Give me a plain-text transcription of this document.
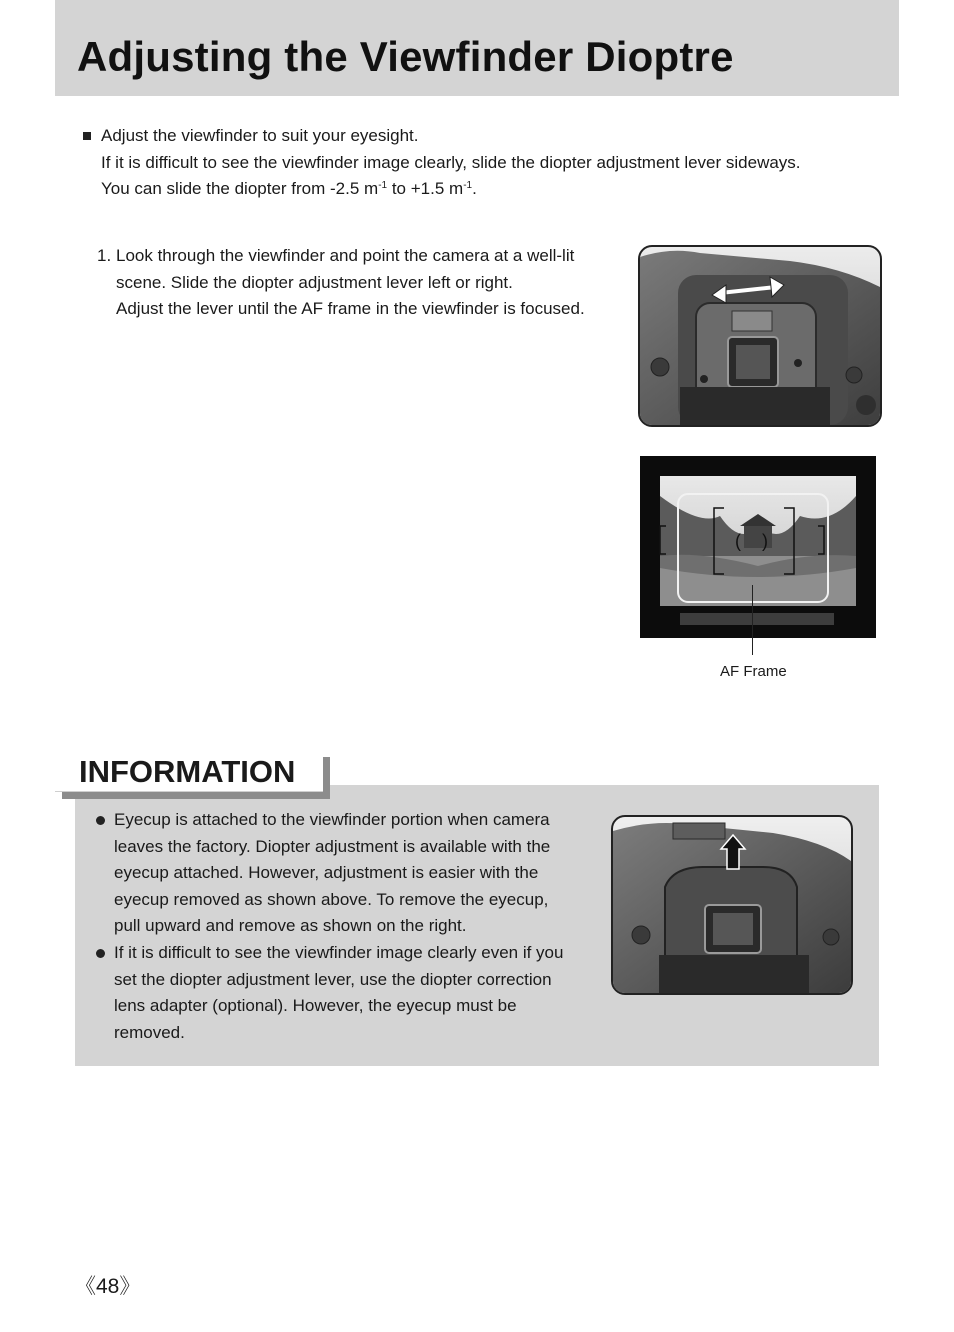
Adjusting the Viewfinder Dioptre
Adjust the viewfinder to suit your eyesight.
If it is difficult to see the viewfinder image clearly, slide the diopter adjustment lever sideways.
You can slide the diopter from -2.5 $m^{-1}$ to +1.5 $m^{-1}$.
1. Look through the viewfinder and point the camera at a well-lit
scene. Slide the diopter adjustment lever left or right.
Adjust the lever until the AF frame in the viewfinder is focused.
( )
AF Frame
INFORMATION
Eyecup is attached to the viewfinder portion when camera
leaves the factory. Diopter adjustment is available with the
eyecup attached. However, adjustment is easier with the
eyecup removed as shown above. To remove the eyecup,
pull upward and remove as shown on the right.
If it is difficult to see the viewfinder image clearly even if you
set the diopter adjustment lever, use the diopter correction
lens adapter (optional). However, the eyecup must be
removed.
《48》
